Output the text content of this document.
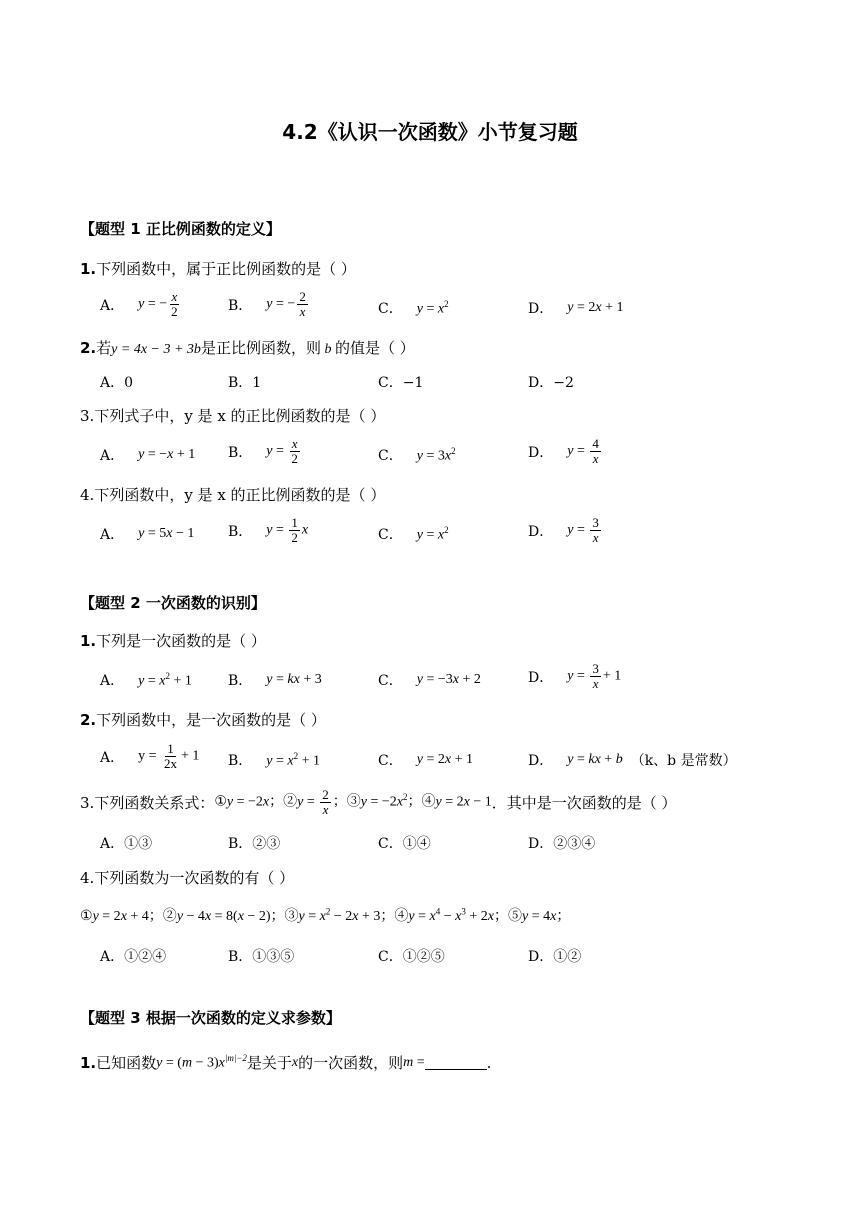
4.2《认识一次函数》小节复习题
【题型 1 正比例函数的定义】
1.下列函数中，属于正比例函数的是（ ）
A． y = − $\frac{x}{2}$	B． y = − $\frac{2}{x}$	C． $y = x^2$	D． y = 2x + 1
2.若y = 4x − 3 + 3b是正比例函数，则 b 的值是（ ）
A．0	B．1	C．−1	D．−2
3.下列式子中，y 是 x 的正比例函数的是（ ）
A． y = −x + 1 B． $y = \frac{x}{2}$	C． $y = 3x^2$	D． $y = \frac{4}{x}$
4.下列函数中，y 是 x 的正比例函数的是（ ）
A． y = 5x − 1 B． $y = \frac{1}{2}$ x	C． $y = x^2$	D． $y = \frac{3}{x}$
【题型 2 一次函数的识别】
1.下列是一次函数的是（ ）
A． $y = x^2 + 1$	B． y = kx + 3	C． y = −3x + 2	D． $y = \frac{3}{x} + 1$
2.下列函数中，是一次函数的是（ ）
A． $y = \frac{1}{2x} + 1$ B． $y = x^2 + 1$	C． y = 2x + 1	D． y = kx + b （k、b 是常数）
3. 下列函数关系式： ①y = −2x；②y = $\frac{2}{x}$ ；③y = $-2x^2$；④y = 2x − 1 ．其中是一次函数的是（ ）
A．①③	B．②③	C．①④	D．②③④
4.下列函数为一次函数的有（ ）
①y = 2x + 4；②y − 4x = 8(x − 2)；③y = $x^2 - 2x + 3$；④y = $x^4 - x^3 + 2x$；⑤y = 4x；
A．①②④	B．①③⑤	C．①②⑤	D．①②
【题型 3 根据一次函数的定义求参数】
1. 已知函数 $y = (m - 3)x^{|m|-2}$ 是关于 x 的一次函数，则 m =	.
